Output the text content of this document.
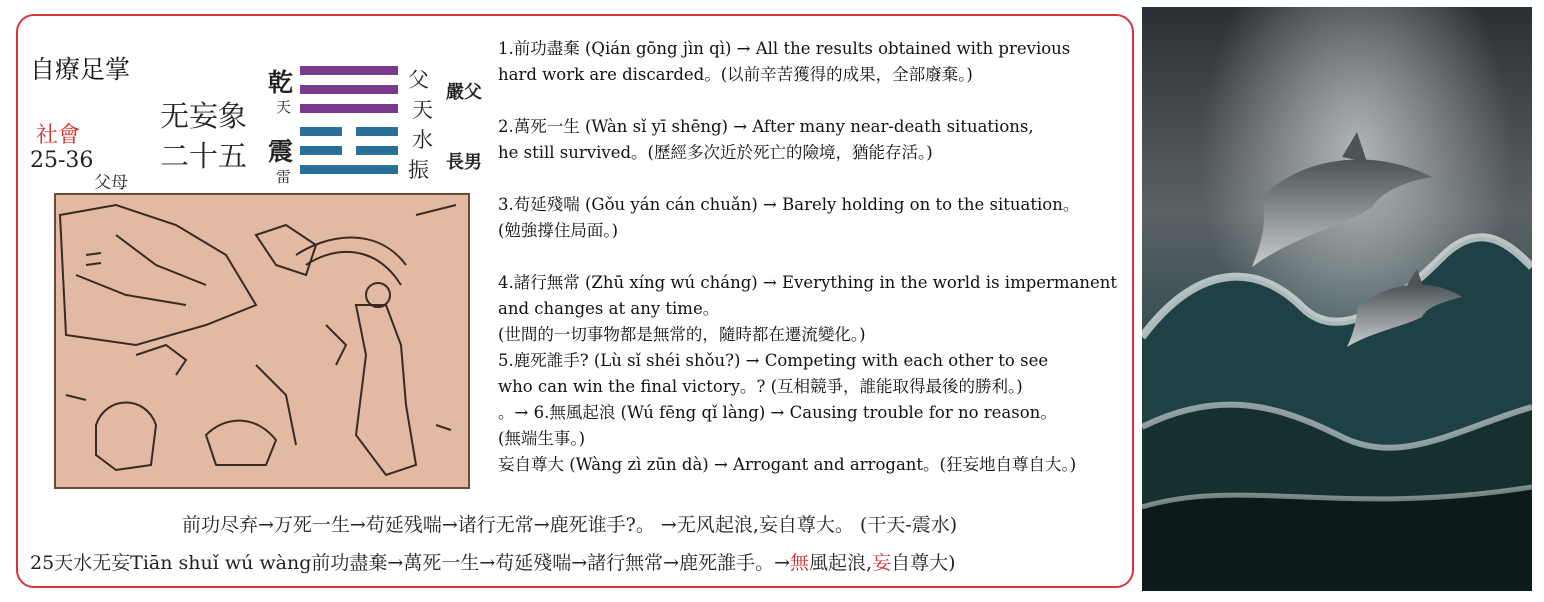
自療足掌
社會
25-36
父母
无妄象
二十五
乾
天
震
雷
父
天
水
振
嚴父
長男
1.前功盡棄 (Qián gōng jìn qì) → All the results obtained with previous
hard work are discarded。(以前辛苦獲得的成果，全部廢棄。)

2.萬死一生 (Wàn sǐ yī shēng) → After many near-death situations,
he still survived。(歷經多次近於死亡的險境，猶能存活。)

3.苟延殘喘 (Gǒu yán cán chuǎn) → Barely holding on to the situation。
(勉強撐住局面。)

4.諸行無常 (Zhū xíng wú cháng) → Everything in the world is impermanent
and changes at any time。
(世間的一切事物都是無常的，隨時都在遷流變化。)
5.鹿死誰手? (Lù sǐ shéi shǒu?) → Competing with each other to see
who can win the final victory。? (互相競爭，誰能取得最後的勝利。)
。→ 6.無風起浪 (Wú fēng qǐ làng) → Causing trouble for no reason。
(無端生事。)
妄自尊大 (Wàng zì zūn dà) → Arrogant and arrogant。(狂妄地自尊自大。)
前功尽弃→万死一生→苟延残喘→诸行无常→鹿死谁手?。 →无风起浪,妄自尊大。 (干天-震水)
25天水无妄Tiān shuǐ wú wàng前功盡棄→萬死一生→苟延殘喘→諸行無常→鹿死誰手。→無風起浪,妄自尊大)
